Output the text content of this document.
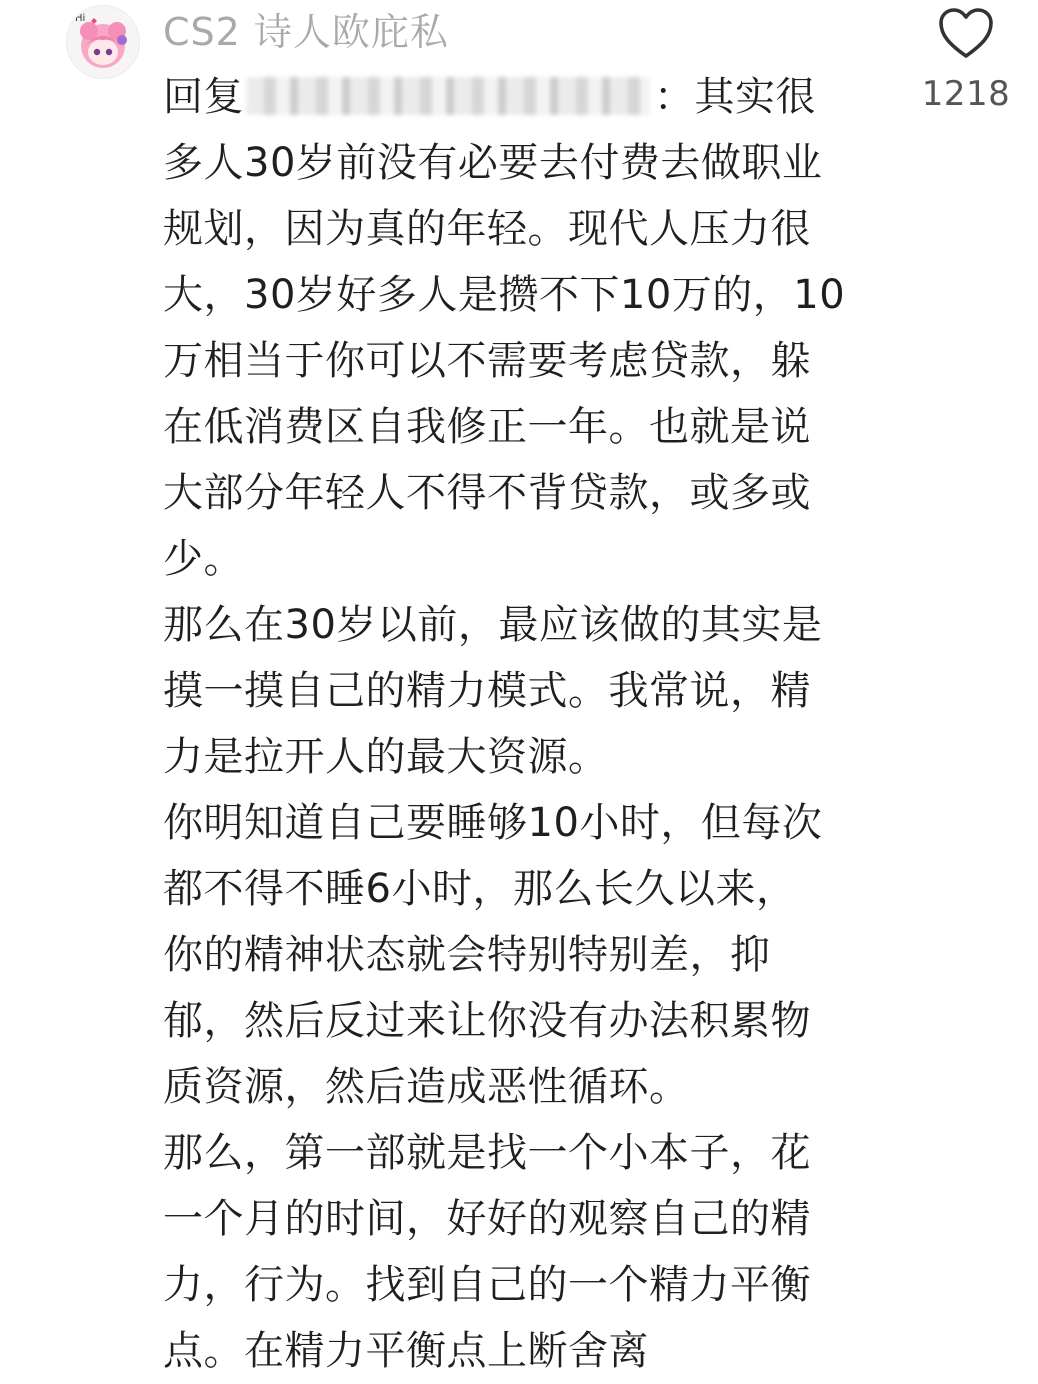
Hi CS2 诗人欧庇私
1218
回复	：其实很
多人30岁前没有必要去付费去做职业
规划，因为真的年轻。现代人压力很
大，30岁好多人是攒不下10万的，10
万相当于你可以不需要考虑贷款，躲
在低消费区自我修正一年。也就是说
大部分年轻人不得不背贷款，或多或
少。
那么在30岁以前，最应该做的其实是
摸一摸自己的精力模式。我常说，精
力是拉开人的最大资源。
你明知道自己要睡够10小时，但每次
都不得不睡6小时，那么长久以来，
你的精神状态就会特别特别差，抑
郁，然后反过来让你没有办法积累物
质资源，然后造成恶性循环。
那么，第一部就是找一个小本子，花
一个月的时间，好好的观察自己的精
力，行为。找到自己的一个精力平衡
点。在精力平衡点上断舍离
